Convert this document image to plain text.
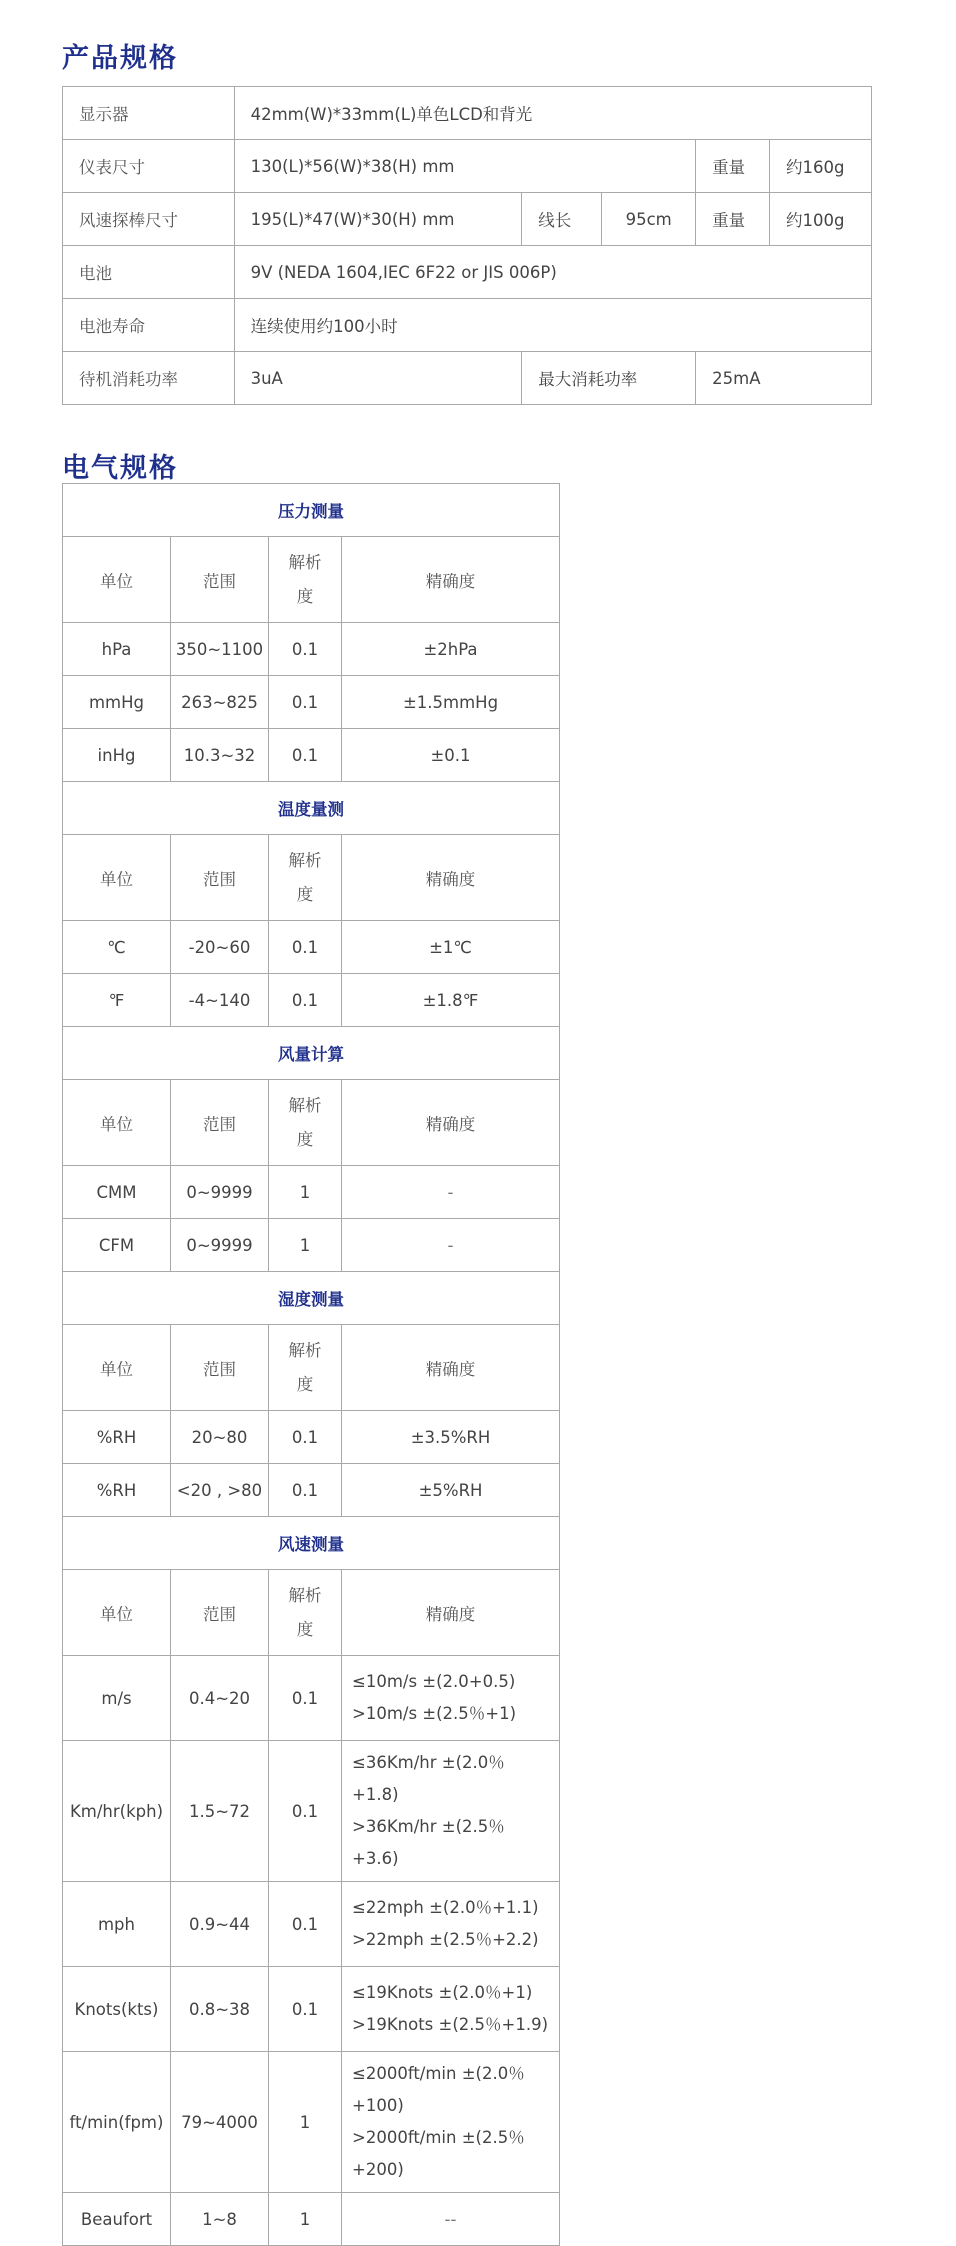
产品规格
显示器	42mm(W)*33mm(L)单色LCD和背光				
仪表尺寸	130(L)*56(W)*38(H) mm			重量	约160g
风速探棒尺寸	195(L)*47(W)*30(H) mm	线长	95cm	重量	约100g
电池	9V (NEDA 1604,IEC 6F22 or JIS 006P)				
电池寿命	连续使用约100小时				
待机消耗功率	3uA	最大消耗功率		25mA	
电气规格
压力测量			
单位	范围	解析度	精确度
hPa	350~1100	0.1	±2hPa
mmHg	263~825	0.1	±1.5mmHg
inHg	10.3~32	0.1	±0.1
温度量测			
单位	范围	解析度	精确度
℃	-20~60	0.1	±1℃
℉	-4~140	0.1	±1.8℉
风量计算			
单位	范围	解析度	精确度
CMM	0~9999	1	-
CFM	0~9999	1	-
湿度测量			
单位	范围	解析度	精确度
%RH	20~80	0.1	±3.5%RH
%RH	<20 , >80	0.1	±5%RH
风速测量			
单位	范围	解析度	精确度
m/s	0.4~20	0.1	≤10m/s ±(2.0+0.5)
>10m/s ±(2.5％+1)

Km/hr(kph)	1.5~72	0.1	≤36Km/hr ±(2.0％+1.8)
>36Km/hr ±(2.5％+3.6)

mph	0.9~44	0.1	≤22mph ±(2.0％+1.1)
>22mph ±(2.5％+2.2)

Knots(kts)	0.8~38	0.1	≤19Knots ±(2.0％+1)
>19Knots ±(2.5％+1.9)

ft/min(fpm)	79~4000	1	≤2000ft/min ±(2.0％+100)
>2000ft/min ±(2.5％
+200)

Beaufort	1~8	1	--
